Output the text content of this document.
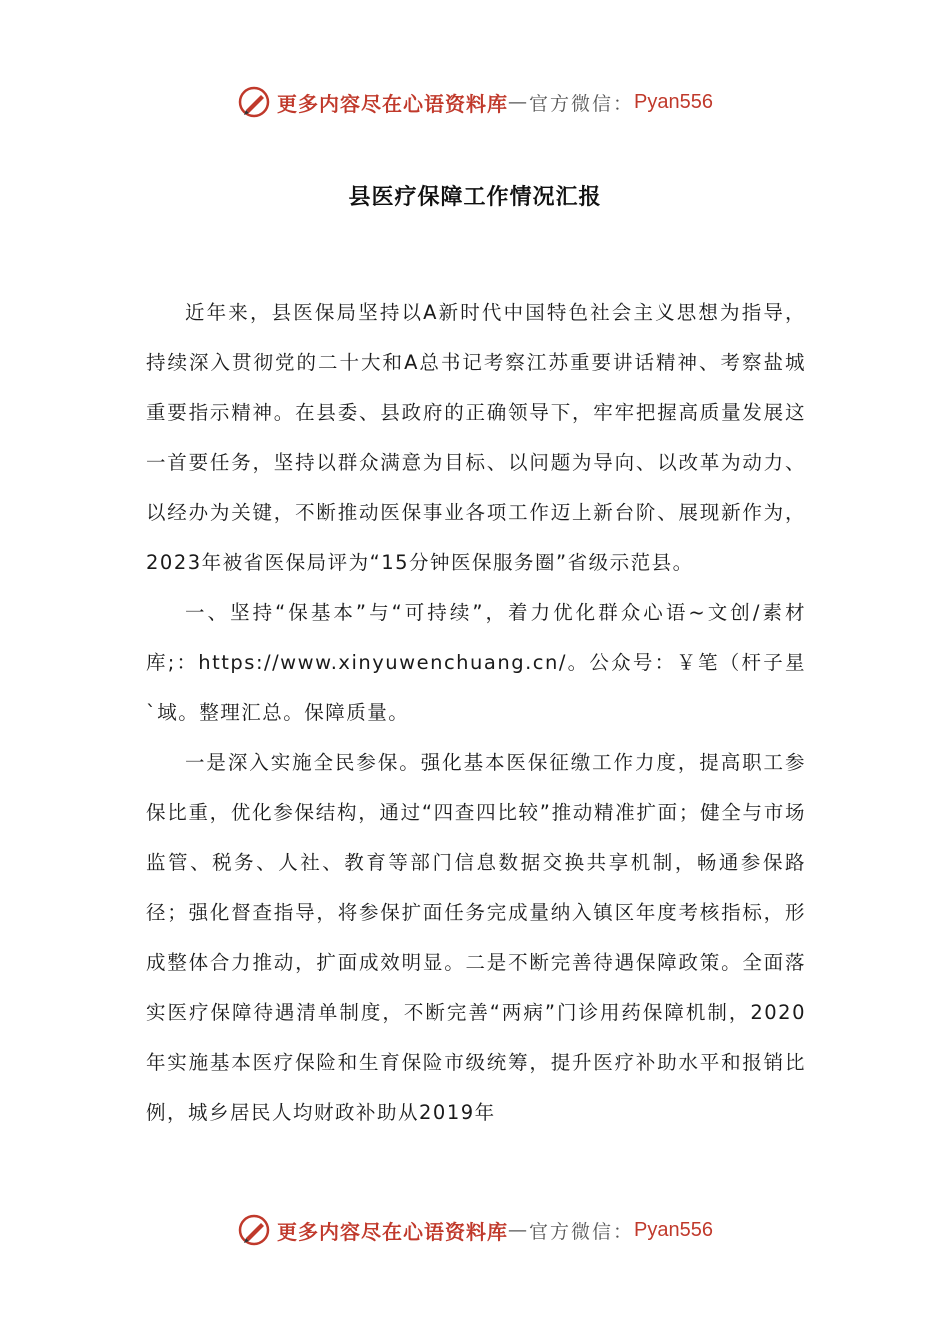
更多内容尽在心语资料库 — 官方微信： Pyan556
县医疗保障工作情况汇报

近年来，县医保局坚持以A新时代中国特色社会主义思想为指导，持续深入贯彻党的二十大和A总书记考察江苏重要讲话精神、考察盐城重要指示精神。在县委、县政府的正确领导下，牢牢把握高质量发展这一首要任务，坚持以群众满意为目标、以问题为导向、以改革为动力、以经办为关键，不断推动医保事业各项工作迈上新台阶、展现新作为，2023年被省医保局评为“15分钟医保服务圈”省级示范县。

一、坚持“保基本”与“可持续”，着力优化群众心语~文创/素材库;：https://www.xinyuwenchuang.cn/。公众号：￥笔（杆子星`域。整理汇总。保障质量。

一是深入实施全民参保。强化基本医保征缴工作力度，提高职工参保比重，优化参保结构，通过“四查四比较”推动精准扩面；健全与市场监管、税务、人社、教育等部门信息数据交换共享机制，畅通参保路径；强化督查指导，将参保扩面任务完成量纳入镇区年度考核指标，形成整体合力推动，扩面成效明显。二是不断完善待遇保障政策。全面落实医疗保障待遇清单制度，不断完善“两病”门诊用药保障机制，2020年实施基本医疗保险和生育保险市级统筹，提升医疗补助水平和报销比例，城乡居民人均财政补助从2019年

更多内容尽在心语资料库 — 官方微信： Pyan556
